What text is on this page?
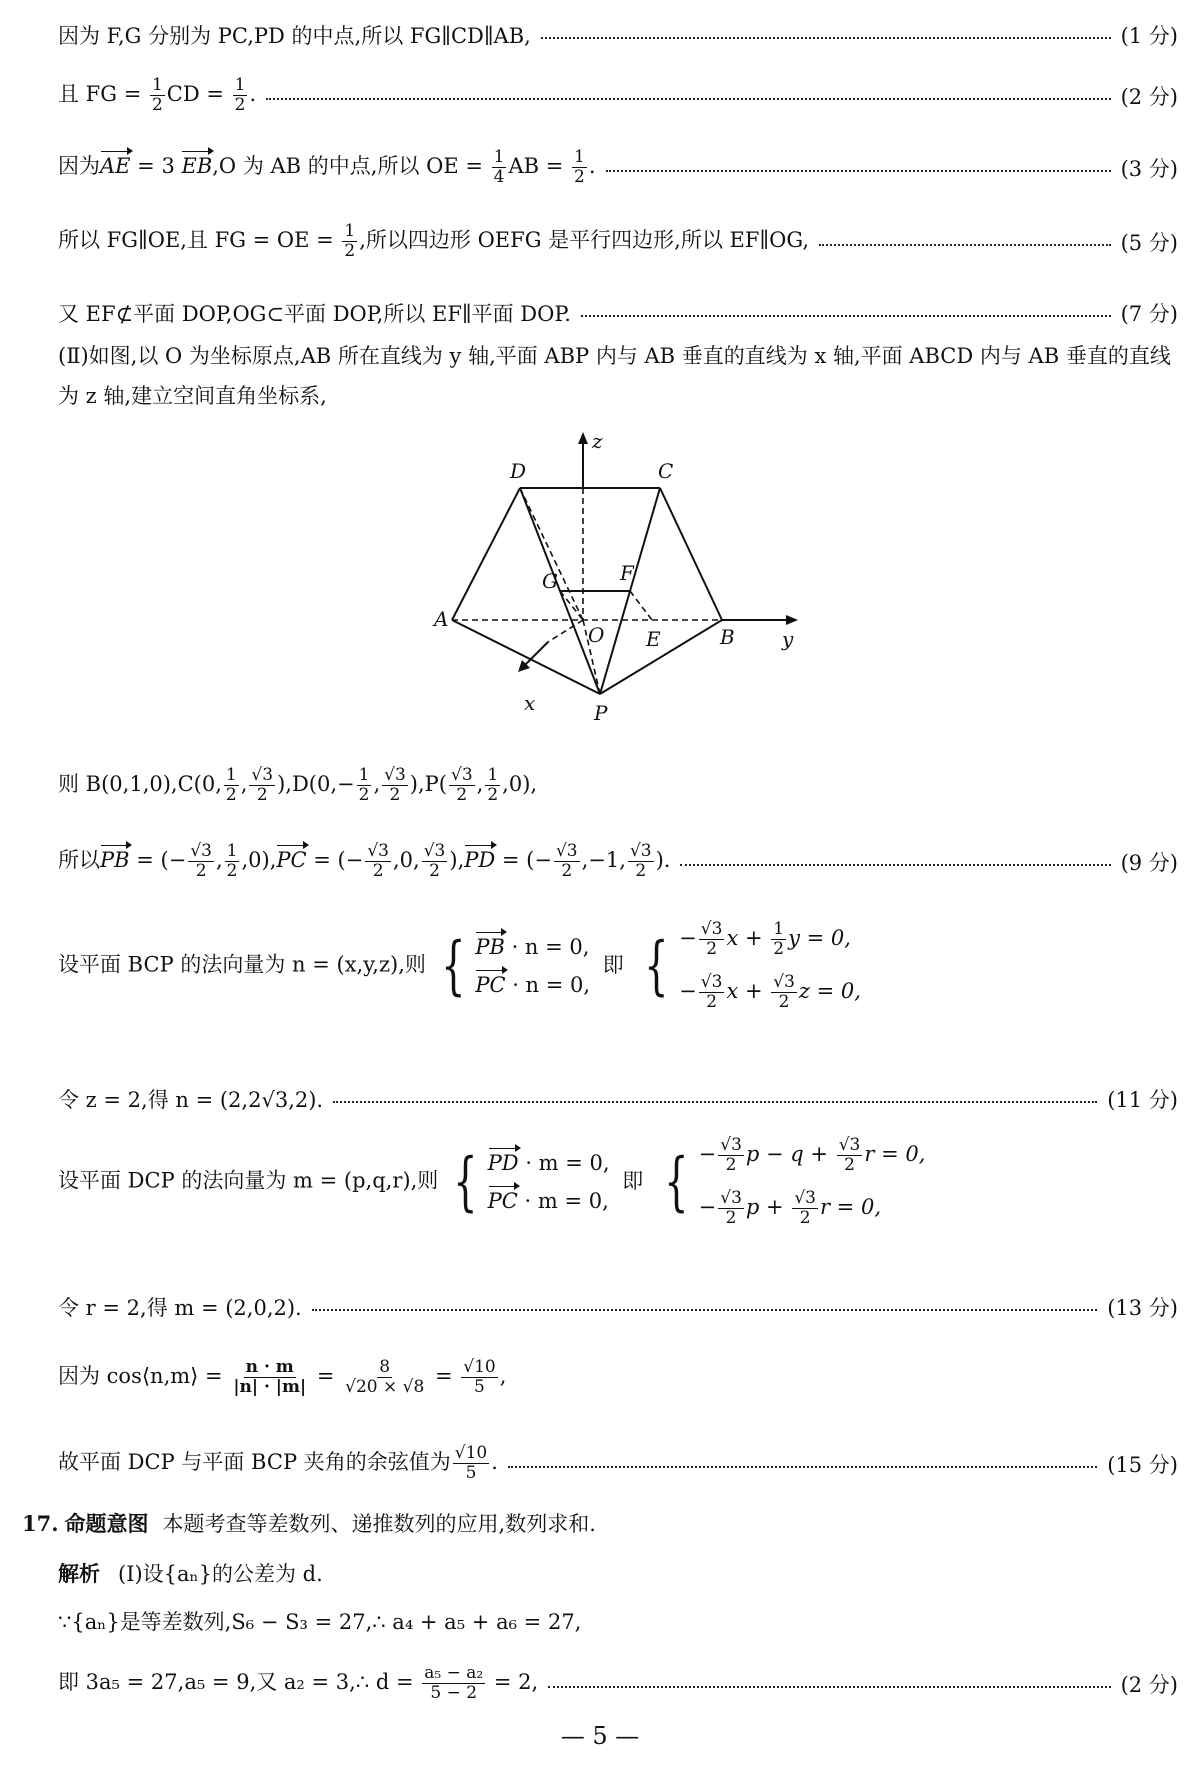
因为 F,G 分别为 PC,PD 的中点,所以 FG∥CD∥AB,	(1 分)
且 FG = $\frac{1}{2}$ CD = $\frac{1}{2}$ .	(2 分)
因为AE = 3 EB,O 为 AB 的中点,所以 OE = $\frac{1}{4}$ AB = $\frac{1}{2}$ .	(3 分)
所以 FG∥OE,且 FG = OE = $\frac{1}{2}$ ,所以四边形 OEFG 是平行四边形,所以 EF∥OG,	(5 分)
又 EF⊄平面 DOP,OG⊂平面 DOP,所以 EF∥平面 DOP.	(7 分)
(Ⅱ)如图,以 O 为坐标原点,AB 所在直线为 y 轴,平面 ABP 内与 AB 垂直的直线为 x 轴,平面 ABCD 内与 AB 垂直的直线为 z 轴,建立空间直角坐标系,
z
D	C
G	F
A
O E	B y
x	P
则 B(0,1,0),C(0, $\frac{1}{2}$ , $\frac{√3}{2} ),D(0,- \frac{1}{2}$ , $\frac{√3}{2} ),P( \frac{√3}{2}$ , $\frac{1}{2} ,0$),
所以PB = (− $\frac{√3}{2}$ , $\frac{1}{2} ,0),PC$ = (− $\frac{√3}{2} ,0$, $\frac{√3}{2} ),PD$ = (− $\frac{√3}{2} ,-1$, $\frac{√3}{2}$ ).	(9 分)
设平面 BCP 的法向量为 n = (x,y,z),则 { PB · n = 0,
PC · n = 0,
即 { − $\frac{√3}{2}$ $x + \frac{1}{2}$ y = 0,
− $\frac{√3}{2}$ $x + \frac{√3}{2}$ z = 0,
令 z = 2,得 n = (2,2√3,2).	(11 分)
设平面 DCP 的法向量为 m = (p,q,r),则 { PD · m = 0,
PC · m = 0,
即 { − $\frac{√3}{2}$ $p - q + \frac{√3}{2}$ r = 0,
− $\frac{√3}{2}$ $p + \frac{√3}{2}$ r = 0,
令 r = 2,得 m = (2,0,2).	(13 分)
因为 cos⟨n,m⟩ = $\frac{n \cdot m}{|n| \cdot |m|} = \frac{8}{√20 \times √8} = \frac{√10}{5}$ ,
故平面 DCP 与平面 BCP 夹角的余弦值为 $\frac{√10}{5}$ .	(15 分)
17. 命题意图 本题考查等差数列、递推数列的应用,数列求和.
解析 (Ⅰ)设{aₙ}的公差为 d.
∵{aₙ}是等差数列,S₆ − S₃ = 27,∴ a₄ + a₅ + a₆ = 27,
即 3a₅ = 27,a₅ = 9,又 a₂ = 3,∴ $d = \frac{\text{a₅ − a₂}}{5 - 2} = 2$,	(2 分)
— 5 —
